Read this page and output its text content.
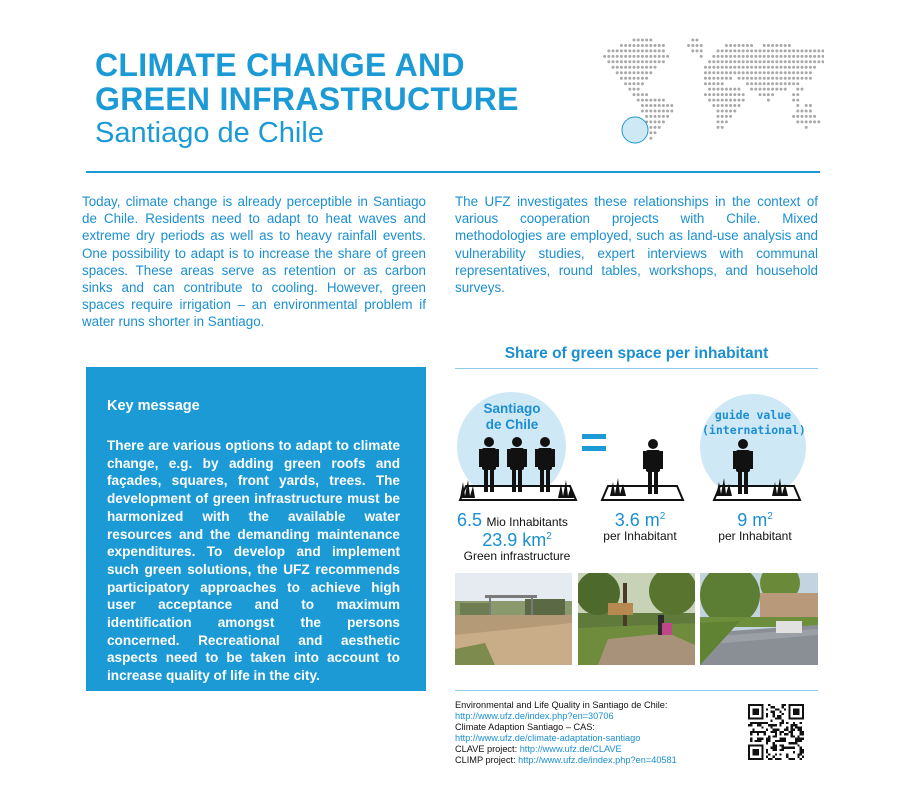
CLIMATE CHANGE AND
GREEN INFRASTRUCTURE
Santiago de Chile
Today, climate change is already perceptible in Santiago de Chile. Residents need to adapt to heat waves and extreme dry periods as well as to heavy rainfall events. One possibility to adapt is to increase the share of green spaces. These areas serve as retention or as carbon sinks and can contribute to cooling. However, green spaces require irrigation – an environmental problem if water runs shorter in Santiago.
The UFZ investigates these relationships in the context of various cooperation projects with Chile. Mixed methodologies are employed, such as land-use analysis and vulnerability studies, expert interviews with communal representatives, round tables, workshops, and household surveys.
Key message
There are various options to adapt to climate change, e.g. by adding green roofs and façades, squares, front yards, trees. The development of green infrastructure must be harmonized with the available water resources and the demanding maintenance expenditures. To develop and implement such green solutions, the UFZ recommends participatory approaches to achieve high user acceptance and to maximum identification amongst the persons concerned. Recreational and aesthetic aspects need to be taken into account to increase quality of life in the city.
Share of green space per inhabitant
Santiago
de Chile
guide value
(international)
6.5 Mio Inhabitants
23.9 $km^2$
Green infrastructure
3.6 $m^2$
per Inhabitant
9 $m^2$
per Inhabitant
Environmental and Life Quality in Santiago de Chile:
http://www.ufz.de/index.php?en=30706
Climate Adaption Santiago – CAS:
http://www.ufz.de/climate-adaptation-santiago
CLAVE project: http://www.ufz.de/CLAVE
CLIMP project: http://www.ufz.de/index.php?en=40581
